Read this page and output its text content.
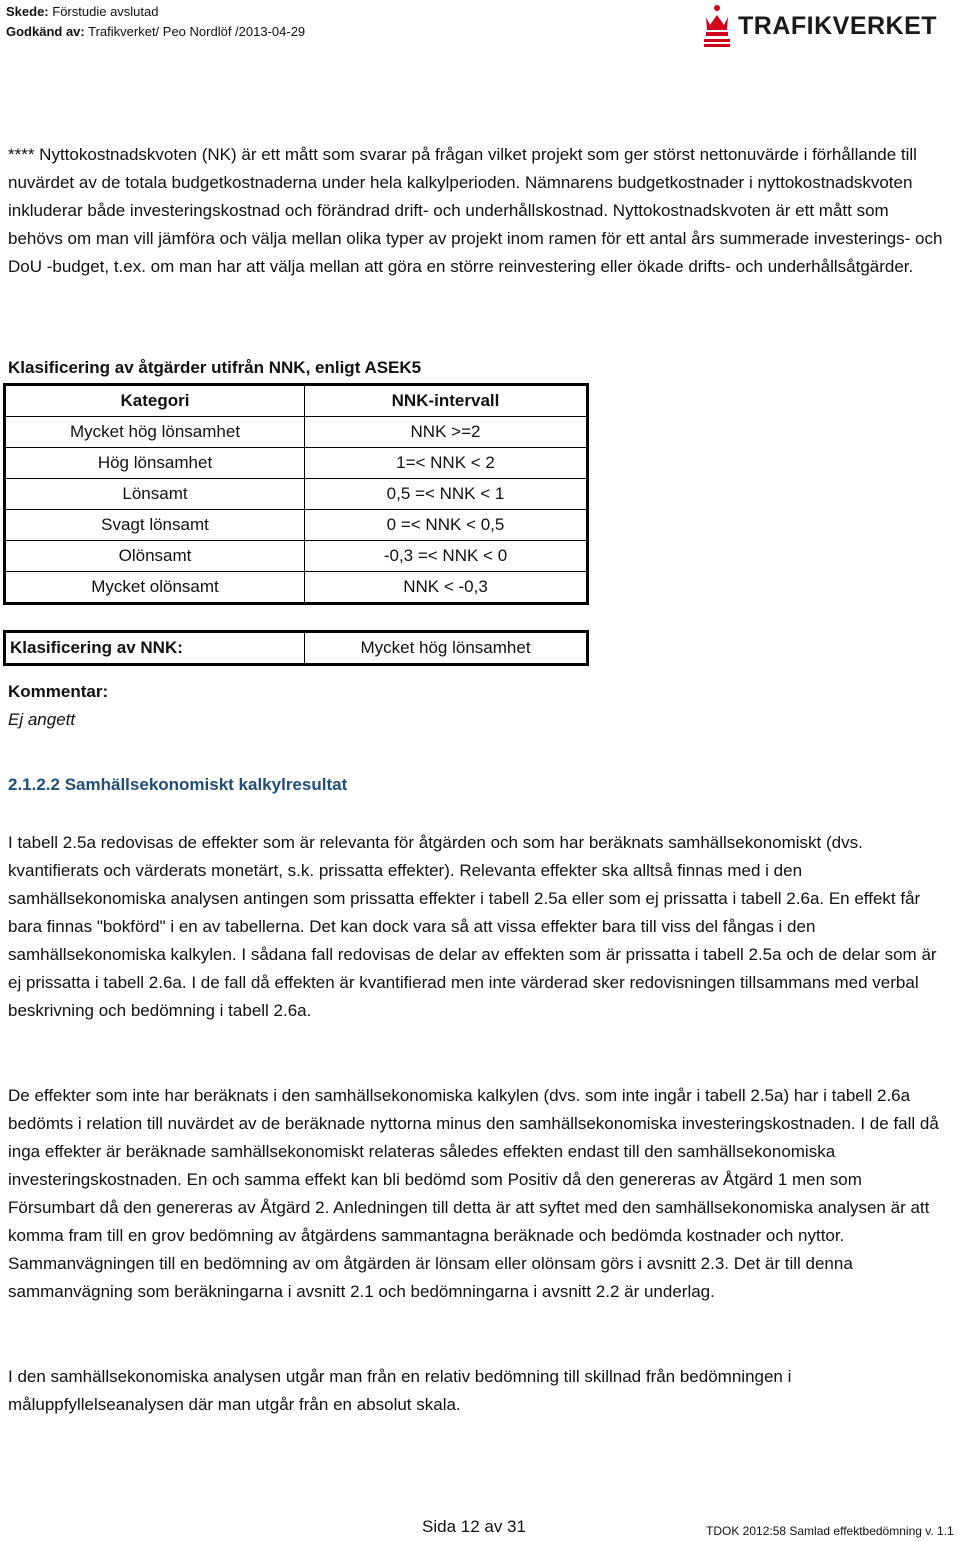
Skede: Förstudie avslutad
Godkänd av: Trafikverket/ Peo Nordlöf /2013-04-29	TRAFIKVERKET

**** Nyttokostnadskvoten (NK) är ett mått som svarar på frågan vilket projekt som ger störst nettonuvärde i förhållande till nuvärdet av de totala budgetkostnaderna under hela kalkylperioden. Nämnarens budgetkostnader i nyttokostnadskvoten inkluderar både investeringskostnad och förändrad drift- och underhållskostnad. Nyttokostnadskvoten är ett mått som behövs om man vill jämföra och välja mellan olika typer av projekt inom ramen för ett antal års summerade investerings- och DoU -budget, t.ex. om man har att välja mellan att göra en större reinvestering eller ökade drifts- och underhållsåtgärder.

Klasificering av åtgärder utifrån NNK, enligt ASEK5
Kategori	NNK-intervall
Mycket hög lönsamhet	NNK >=2
Hög lönsamhet	1=< NNK < 2
Lönsamt	0,5 =< NNK < 1
Svagt lönsamt	0 =< NNK < 0,5
Olönsamt	-0,3 =< NNK < 0
Mycket olönsamt	NNK < -0,3
Klasificering av NNK:	Mycket hög lönsamhet
Kommentar:
Ej angett
2.1.2.2 Samhällsekonomiskt kalkylresultat

I tabell 2.5a redovisas de effekter som är relevanta för åtgärden och som har beräknats samhällsekonomiskt (dvs. kvantifierats och värderats monetärt, s.k. prissatta effekter). Relevanta effekter ska alltså finnas med i den samhällsekonomiska analysen antingen som prissatta effekter i tabell 2.5a eller som ej prissatta i tabell 2.6a. En effekt får bara finnas "bokförd" i en av tabellerna. Det kan dock vara så att vissa effekter bara till viss del fångas i den samhällsekonomiska kalkylen. I sådana fall redovisas de delar av effekten som är prissatta i tabell 2.5a och de delar som är ej prissatta i tabell 2.6a. I de fall då effekten är kvantifierad men inte värderad sker redovisningen tillsammans med verbal beskrivning och bedömning i tabell 2.6a.

De effekter som inte har beräknats i den samhällsekonomiska kalkylen (dvs. som inte ingår i tabell 2.5a) har i tabell 2.6a bedömts i relation till nuvärdet av de beräknade nyttorna minus den samhällsekonomiska investeringskostnaden. I de fall då inga effekter är beräknade samhällsekonomiskt relateras således effekten endast till den samhällsekonomiska investeringskostnaden. En och samma effekt kan bli bedömd som Positiv då den genereras av Åtgärd 1 men som Försumbart då den genereras av Åtgärd 2. Anledningen till detta är att syftet med den samhällsekonomiska analysen är att komma fram till en grov bedömning av åtgärdens sammantagna beräknade och bedömda kostnader och nyttor. Sammanvägningen till en bedömning av om åtgärden är lönsam eller olönsam görs i avsnitt 2.3. Det är till denna sammanvägning som beräkningarna i avsnitt 2.1 och bedömningarna i avsnitt 2.2 är underlag.

I den samhällsekonomiska analysen utgår man från en relativ bedömning till skillnad från bedömningen i måluppfyllelseanalysen där man utgår från en absolut skala.

Sida 12 av 31	TDOK 2012:58 Samlad effektbedömning v. 1.1
